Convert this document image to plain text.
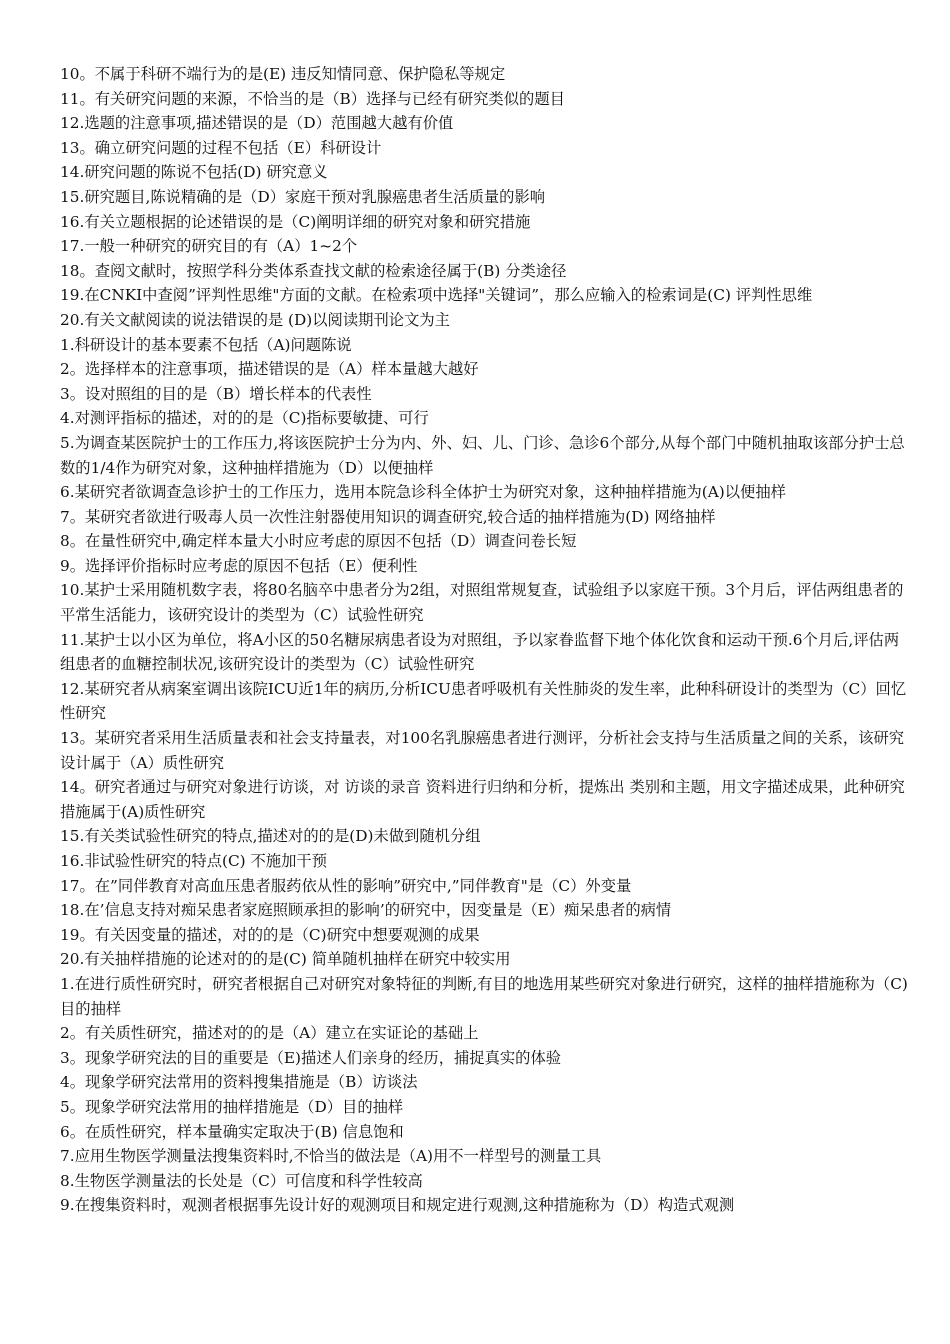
10。不属于科研不端行为的是(E) 违反知情同意、保护隐私等规定

11。有关研究问题的来源，不恰当的是（B）选择与已经有研究类似的题目

12.选题的注意事项,描述错误的是（D）范围越大越有价值

13。确立研究问题的过程不包括（E）科研设计

14.研究问题的陈说不包括(D) 研究意义

15.研究题目,陈说精确的是（D）家庭干预对乳腺癌患者生活质量的影响

16.有关立题根据的论述错误的是（C)阐明详细的研究对象和研究措施

17.一般一种研究的研究目的有（A）1~2个

18。查阅文献时，按照学科分类体系查找文献的检索途径属于(B) 分类途径

19.在CNKI中查阅”评判性思维"方面的文献。在检索项中选择"关键词”，那么应输入的检索词是(C) 评判性思维

20.有关文献阅读的说法错误的是 (D)以阅读期刊论文为主

1.科研设计的基本要素不包括（A)问题陈说

2。选择样本的注意事项，描述错误的是（A）样本量越大越好

3。设对照组的目的是（B）增长样本的代表性

4.对测评指标的描述，对的的是（C)指标要敏捷、可行

5.为调查某医院护士的工作压力,将该医院护士分为内、外、妇、儿、门诊、急诊6个部分,从每个部门中随机抽取该部分护士总数的1/4作为研究对象，这种抽样措施为（D）以便抽样

6.某研究者欲调查急诊护士的工作压力，选用本院急诊科全体护士为研究对象，这种抽样措施为(A)以便抽样

7。某研究者欲进行吸毒人员一次性注射器使用知识的调查研究,较合适的抽样措施为(D) 网络抽样

8。在量性研究中,确定样本量大小时应考虑的原因不包括（D）调查问卷长短

9。选择评价指标时应考虑的原因不包括（E）便利性

10.某护士采用随机数字表，将80名脑卒中患者分为2组，对照组常规复查，试验组予以家庭干预。3个月后，评估两组患者的平常生活能力，该研究设计的类型为（C）试验性研究

11.某护士以小区为单位，将A小区的50名糖尿病患者设为对照组，予以家眷监督下地个体化饮食和运动干预.6个月后,评估两组患者的血糖控制状况,该研究设计的类型为（C）试验性研究

12.某研究者从病案室调出该院ICU近1年的病历,分析ICU患者呼吸机有关性肺炎的发生率，此种科研设计的类型为（C）回忆性研究

13。某研究者采用生活质量表和社会支持量表，对100名乳腺癌患者进行测评，分析社会支持与生活质量之间的关系，该研究设计属于（A）质性研究

14。研究者通过与研究对象进行访谈，对 访谈的录音 资料进行归纳和分析，提炼出 类别和主题，用文字描述成果，此种研究措施属于(A)质性研究

15.有关类试验性研究的特点,描述对的的是(D)未做到随机分组

16.非试验性研究的特点(C) 不施加干预

17。在”同伴教育对高血压患者服药依从性的影响”研究中,”同伴教育"是（C）外变量

18.在’信息支持对痴呆患者家庭照顾承担的影响’的研究中，因变量是（E）痴呆患者的病情

19。有关因变量的描述，对的的是（C)研究中想要观测的成果

20.有关抽样措施的论述对的的是(C) 简单随机抽样在研究中较实用

1.在进行质性研究时，研究者根据自己对研究对象特征的判断,有目的地选用某些研究对象进行研究，这样的抽样措施称为（C)目的抽样

2。有关质性研究，描述对的的是（A）建立在实证论的基础上

3。现象学研究法的目的重要是（E)描述人们亲身的经历，捕捉真实的体验

4。现象学研究法常用的资料搜集措施是（B）访谈法

5。现象学研究法常用的抽样措施是（D）目的抽样

6。在质性研究，样本量确实定取决于(B) 信息饱和

7.应用生物医学测量法搜集资料时,不恰当的做法是（A)用不一样型号的测量工具

8.生物医学测量法的长处是（C）可信度和科学性较高

9.在搜集资料时，观测者根据事先设计好的观测项目和规定进行观测,这种措施称为（D）构造式观测
